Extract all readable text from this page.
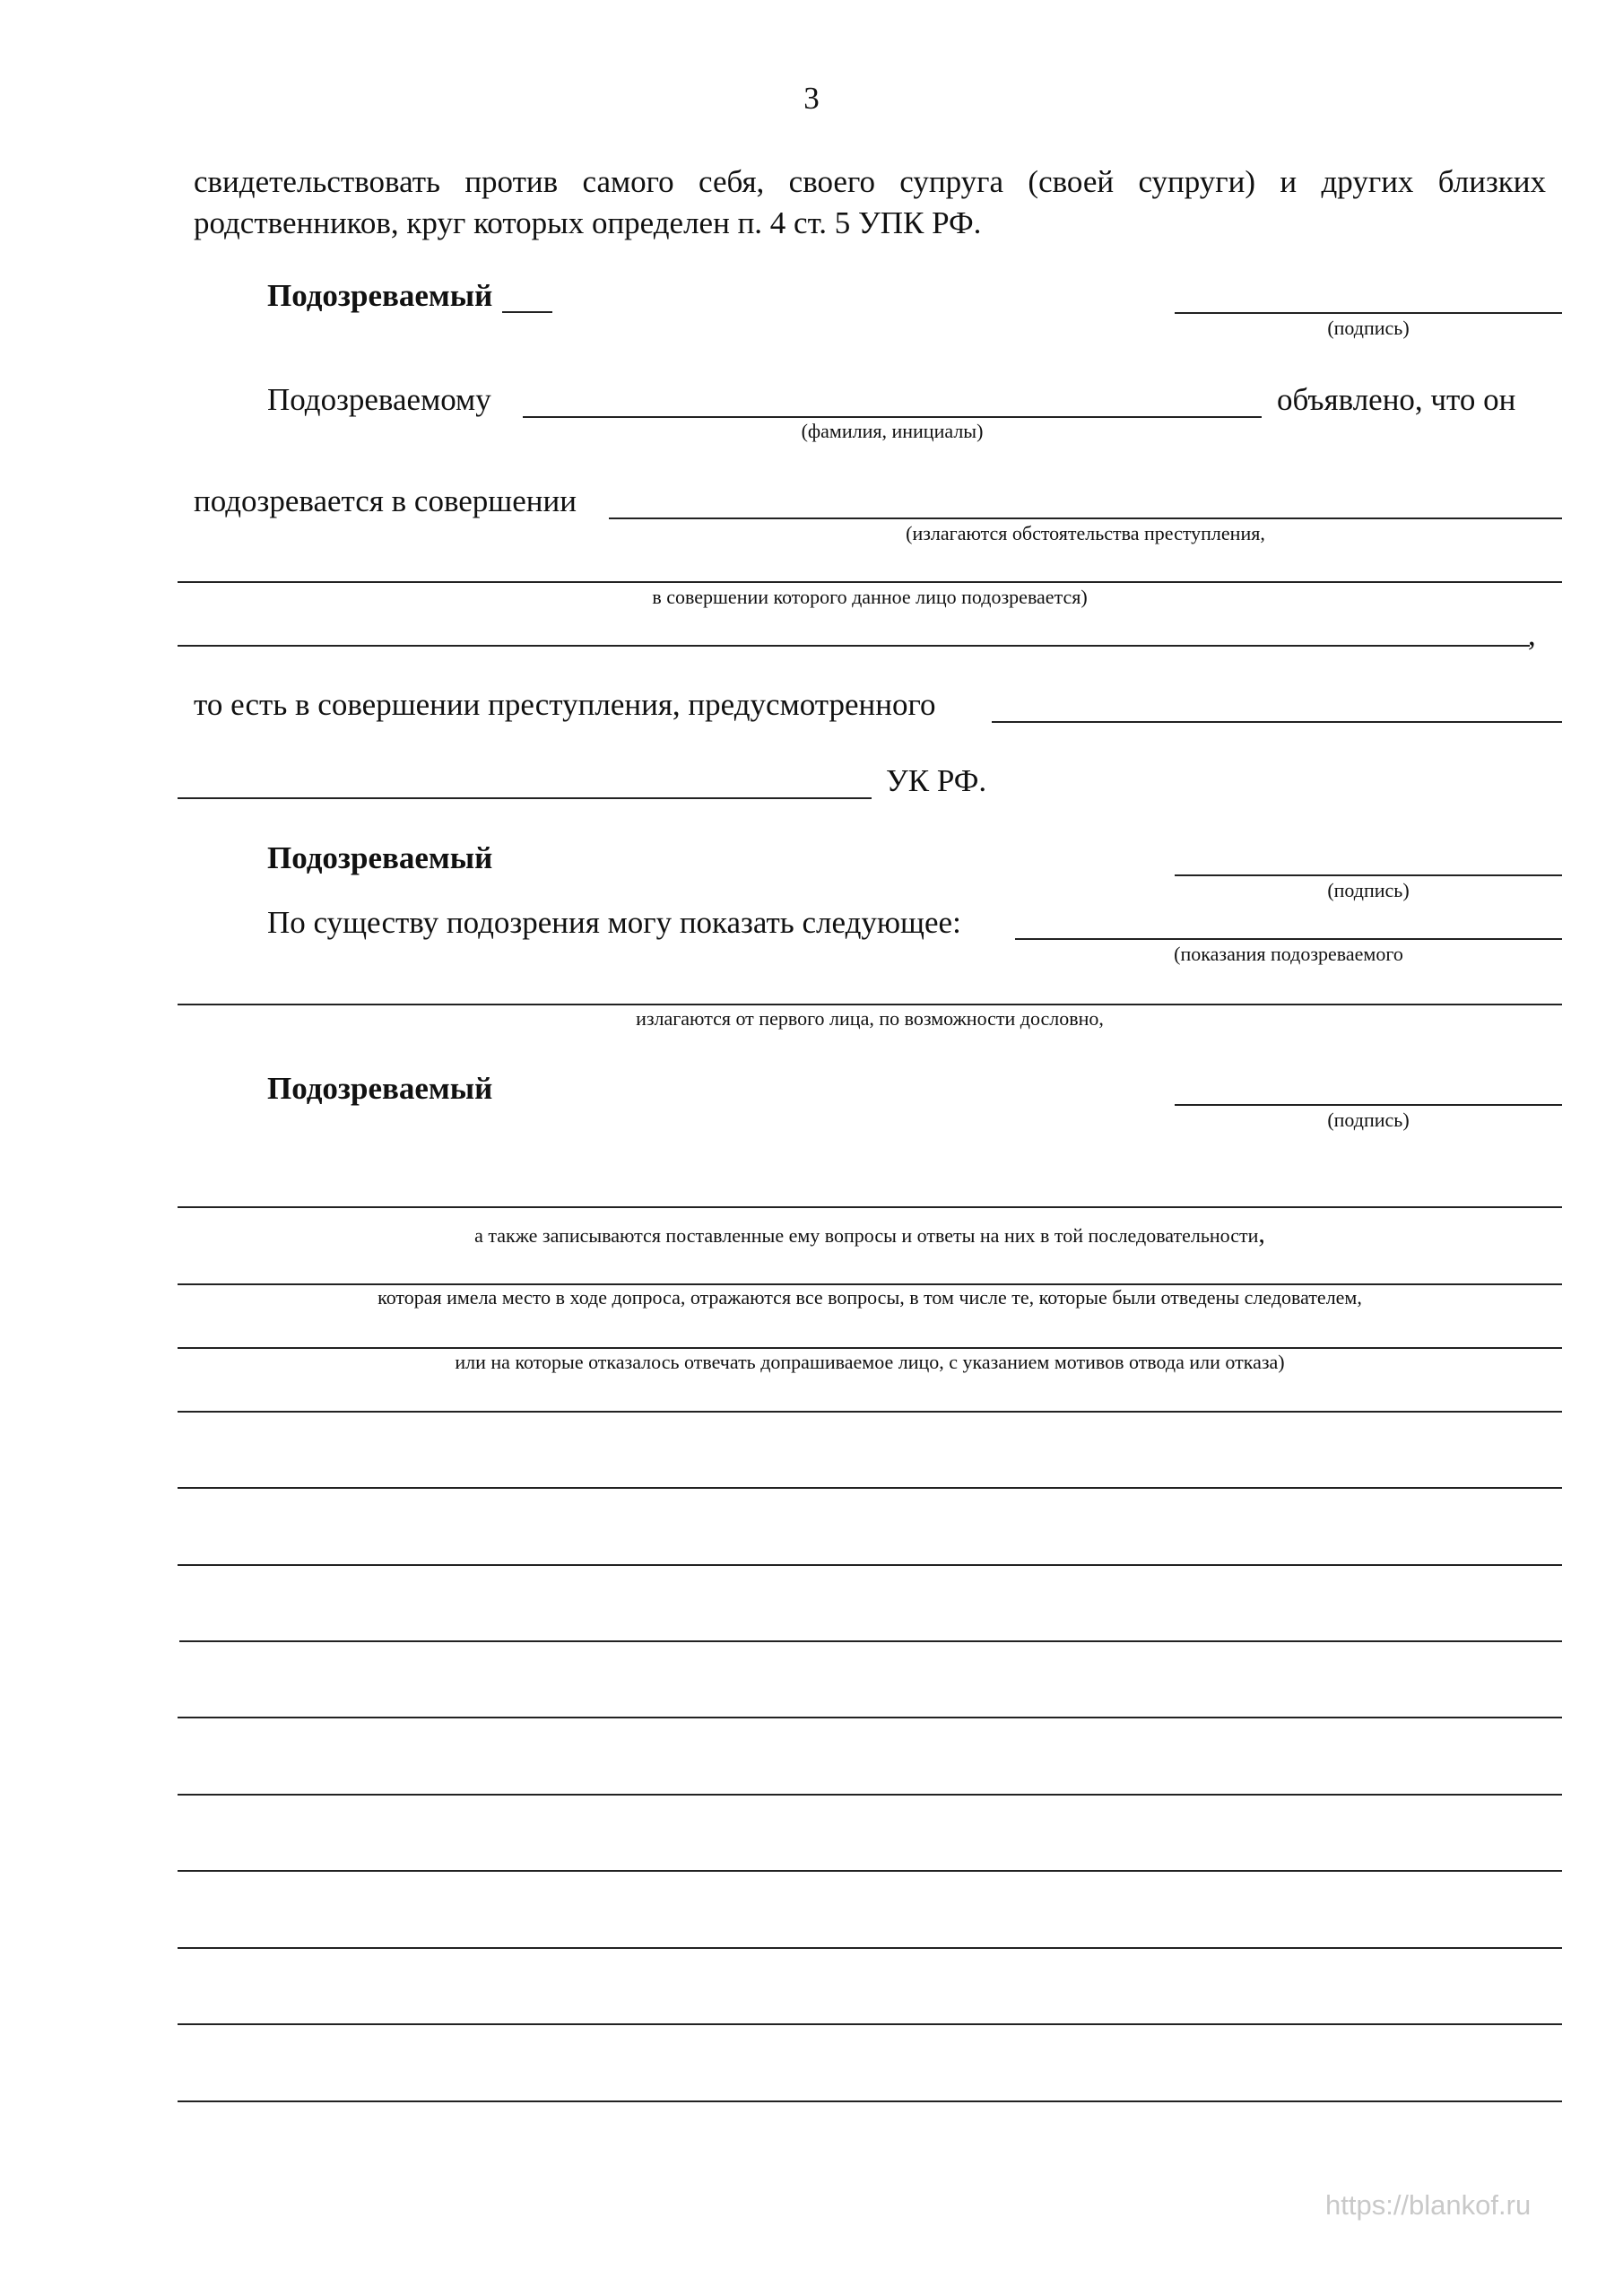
3
свидетельствовать против самого себя, своего супруга (своей супруги) и других близких
родственников, круг которых определен п. 4 ст. 5 УПК РФ.
Подозреваемый
(подпись)
Подозреваемому	объявлено, что он
(фамилия, инициалы)
подозревается в совершении
(излагаются обстоятельства преступления,
в совершении которого данное лицо подозревается)
,
то есть в совершении преступления, предусмотренного
УК РФ.
Подозреваемый
(подпись)
По существу подозрения могу показать следующее:
(показания подозреваемого
излагаются от первого лица, по возможности дословно,
Подозреваемый
(подпись)
а также записываются поставленные ему вопросы и ответы на них в той последовательности,
которая имела место в ходе допроса, отражаются все вопросы, в том числе те, которые были отведены следователем,
или на которые отказалось отвечать допрашиваемое лицо, с указанием мотивов отвода или отказа)
https://blankof.ru
